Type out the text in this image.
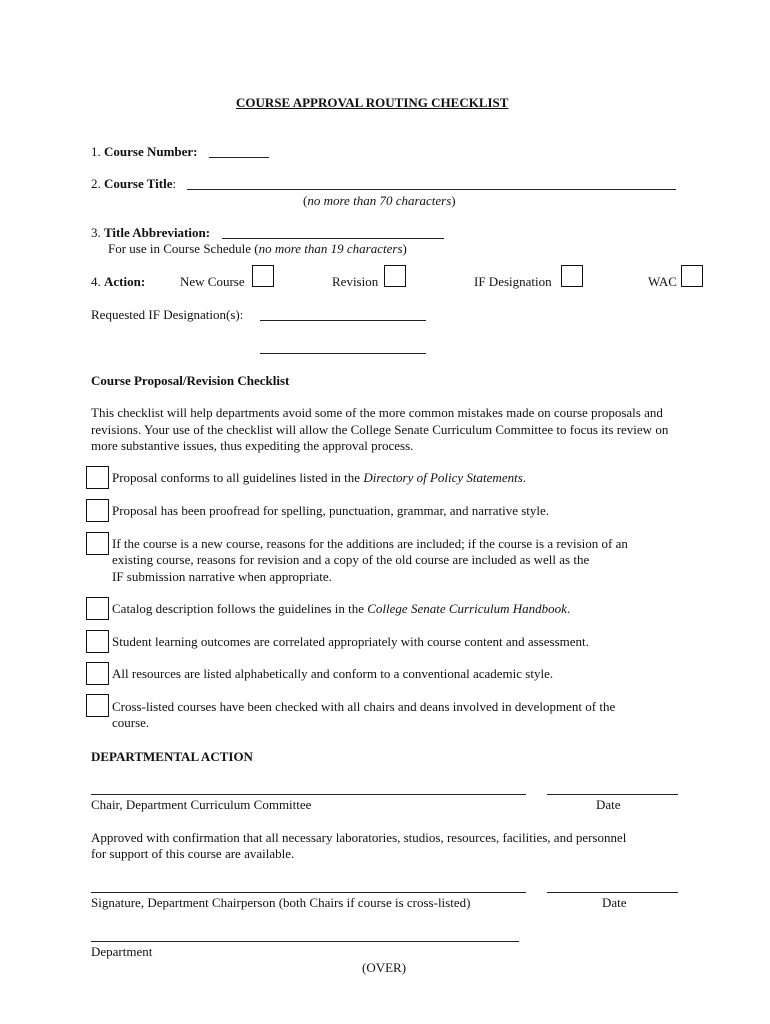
COURSE APPROVAL ROUTING CHECKLIST
1. Course Number:
2. Course Title:
(no more than 70 characters)
3. Title Abbreviation:
For use in Course Schedule (no more than 19 characters)
4. Action:	New Course	Revision	IF Designation	WAC
Requested IF Designation(s):
Course Proposal/Revision Checklist
This checklist will help departments avoid some of the more common mistakes made on course proposals and revisions. Your use of the checklist will allow the College Senate Curriculum Committee to focus its review on more substantive issues, thus expediting the approval process.
Proposal conforms to all guidelines listed in the Directory of Policy Statements.
Proposal has been proofread for spelling, punctuation, grammar, and narrative style.
If the course is a new course, reasons for the additions are included; if the course is a revision of an
existing course, reasons for revision and a copy of the old course are included as well as the
IF submission narrative when appropriate.
Catalog description follows the guidelines in the College Senate Curriculum Handbook.
Student learning outcomes are correlated appropriately with course content and assessment.
All resources are listed alphabetically and conform to a conventional academic style.
Cross-listed courses have been checked with all chairs and deans involved in development of the
course.
DEPARTMENTAL ACTION
Chair, Department Curriculum Committee	Date
Approved with confirmation that all necessary laboratories, studios, resources, facilities, and personnel
for support of this course are available.
Signature, Department Chairperson (both Chairs if course is cross-listed)	Date
Department
(OVER)
